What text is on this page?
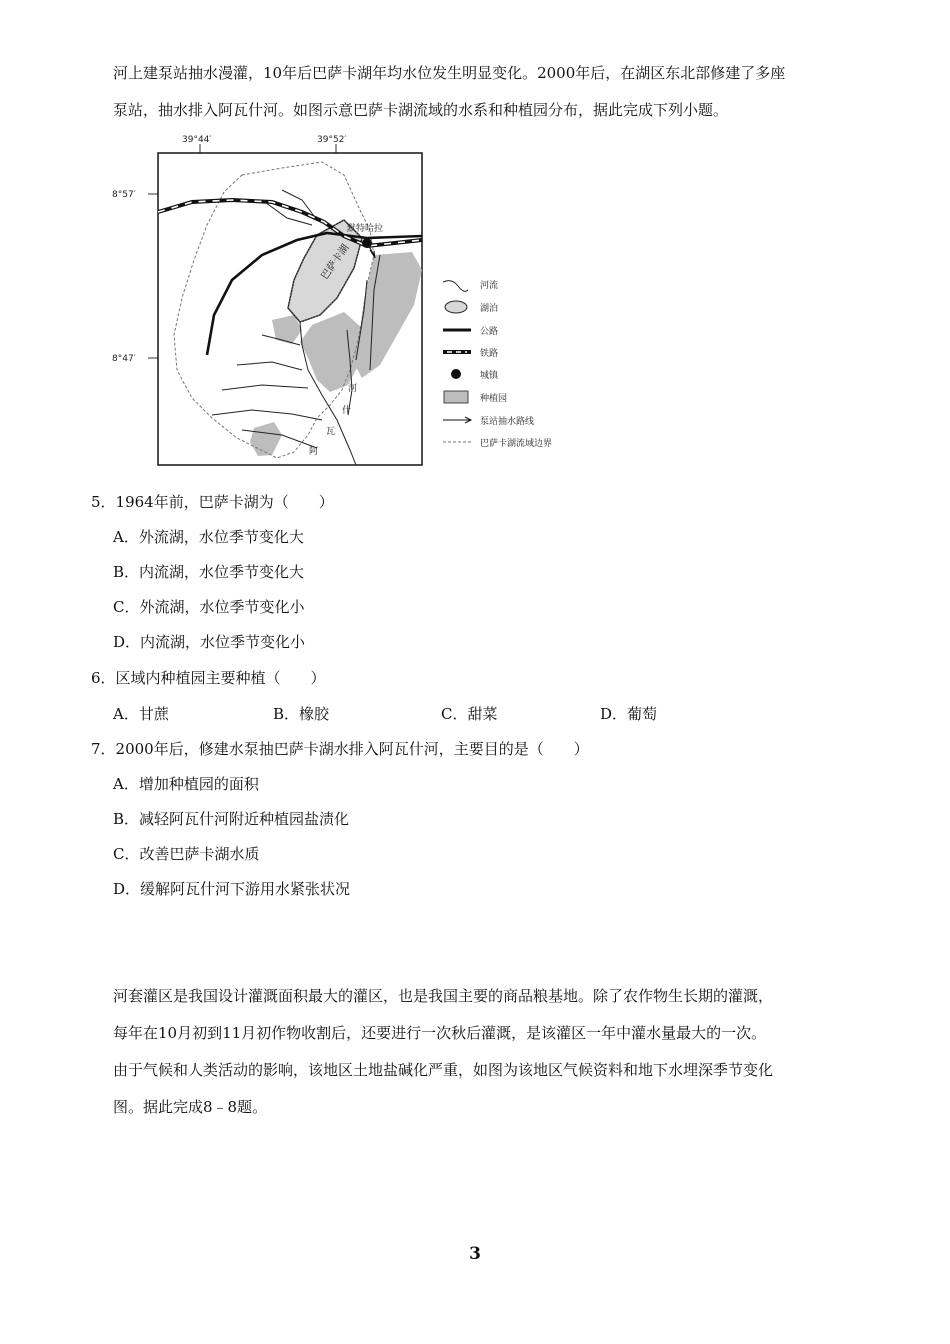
河上建泵站抽水漫灌，10年后巴萨卡湖年均水位发生明显变化。2000年后，在湖区东北部修建了多座
泵站，抽水排入阿瓦什河。如图示意巴萨卡湖流域的水系和种植园分布，据此完成下列小题。
39°44′	39°52′
8°57′
8°47′
巴萨卡湖
默特哈拉
河
什
瓦
阿
河流
湖泊
公路
铁路
城镇
种植园
泵站抽水路线
巴萨卡湖流域边界
5．1964年前，巴萨卡湖为（　　）
A．外流湖，水位季节变化大
B．内流湖，水位季节变化大
C．外流湖，水位季节变化小
D．内流湖，水位季节变化小
6．区域内种植园主要种植（　　）
A．甘蔗	B．橡胶	C．甜菜	D．葡萄
7．2000年后，修建水泵抽巴萨卡湖水排入阿瓦什河，主要目的是（　　）
A．增加种植园的面积
B．减轻阿瓦什河附近种植园盐渍化
C．改善巴萨卡湖水质
D．缓解阿瓦什河下游用水紧张状况
河套灌区是我国设计灌溉面积最大的灌区，也是我国主要的商品粮基地。除了农作物生长期的灌溉，
每年在10月初到11月初作物收割后，还要进行一次秋后灌溉，是该灌区一年中灌水量最大的一次。
由于气候和人类活动的影响，该地区土地盐碱化严重，如图为该地区气候资料和地下水埋深季节变化
图。据此完成8﹣8题。
3
